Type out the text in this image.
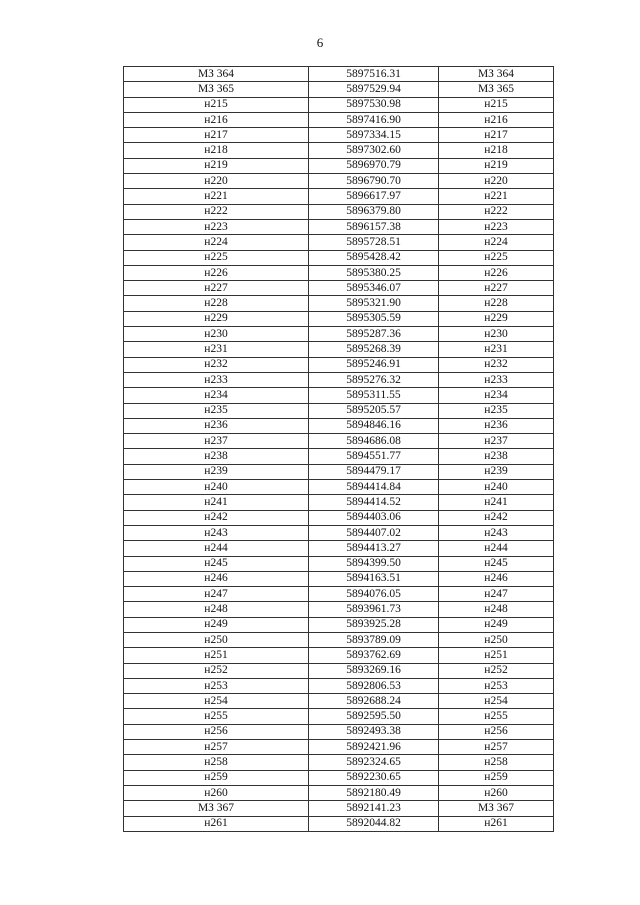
6
МЗ 364	5897516.31	МЗ 364
МЗ 365	5897529.94	МЗ 365
н215	5897530.98	н215
н216	5897416.90	н216
н217	5897334.15	н217
н218	5897302.60	н218
н219	5896970.79	н219
н220	5896790.70	н220
н221	5896617.97	н221
н222	5896379.80	н222
н223	5896157.38	н223
н224	5895728.51	н224
н225	5895428.42	н225
н226	5895380.25	н226
н227	5895346.07	н227
н228	5895321.90	н228
н229	5895305.59	н229
н230	5895287.36	н230
н231	5895268.39	н231
н232	5895246.91	н232
н233	5895276.32	н233
н234	5895311.55	н234
н235	5895205.57	н235
н236	5894846.16	н236
н237	5894686.08	н237
н238	5894551.77	н238
н239	5894479.17	н239
н240	5894414.84	н240
н241	5894414.52	н241
н242	5894403.06	н242
н243	5894407.02	н243
н244	5894413.27	н244
н245	5894399.50	н245
н246	5894163.51	н246
н247	5894076.05	н247
н248	5893961.73	н248
н249	5893925.28	н249
н250	5893789.09	н250
н251	5893762.69	н251
н252	5893269.16	н252
н253	5892806.53	н253
н254	5892688.24	н254
н255	5892595.50	н255
н256	5892493.38	н256
н257	5892421.96	н257
н258	5892324.65	н258
н259	5892230.65	н259
н260	5892180.49	н260
МЗ 367	5892141.23	МЗ 367
н261	5892044.82	н261
